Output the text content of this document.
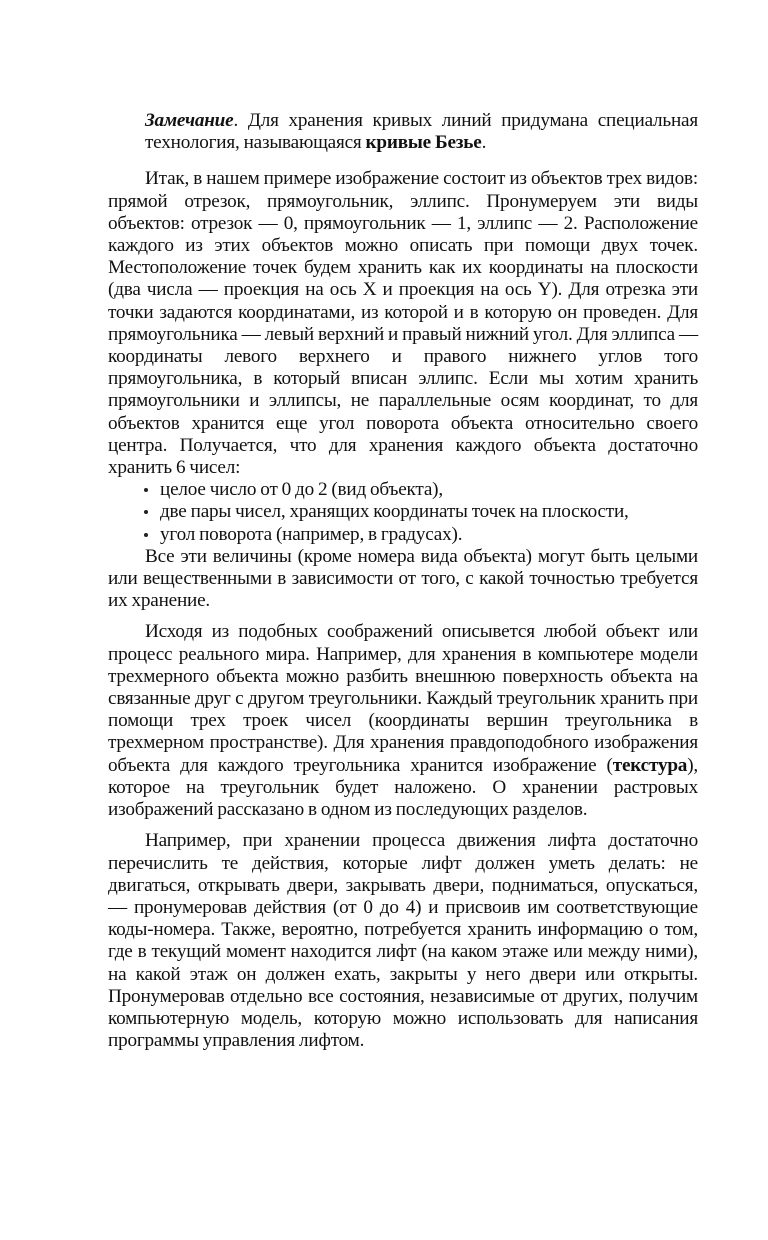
Замечание. Для хранения кривых линий придумана специальная технология, называющаяся кривые Безье.

Итак, в нашем примере изображение состоит из объектов трех видов: прямой отрезок, прямоугольник, эллипс. Пронумеруем эти виды объектов: отрезок — 0, прямоугольник — 1, эллипс — 2. Расположение каждого из этих объектов можно описать при помощи двух точек. Местоположение точек будем хранить как их координаты на плоскости (два числа — проекция на ось X и проекция на ось Y). Для отрезка эти точки задаются координатами, из которой и в которую он проведен. Для прямоугольника — левый верхний и правый нижний угол. Для эллипса — координаты левого верхнего и правого нижнего углов того прямоугольника, в который вписан эллипс. Если мы хотим хранить прямоугольники и эллипсы, не параллельные осям координат, то для объектов хранится еще угол поворота объекта относительно своего центра. Получается, что для хранения каждого объекта достаточно хранить 6 чисел:

целое число от 0 до 2 (вид объекта),
две пары чисел, хранящих координаты точек на плоскости,
угол поворота (например, в градусах).

Все эти величины (кроме номера вида объекта) могут быть целыми или вещественными в зависимости от того, с какой точностью требуется их хранение.

Исходя из подобных соображений описывется любой объект или процесс реального мира. Например, для хранения в компьютере модели трехмерного объекта можно разбить внешнюю поверхность объекта на связанные друг с другом треугольники. Каждый треугольник хранить при помощи трех троек чисел (координаты вершин треугольника в трехмерном пространстве). Для хранения правдоподобного изображения объекта для каждого треугольника хранится изображение (текстура), которое на треугольник будет наложено. О хранении растровых изображений рассказано в одном из последующих разделов.

Например, при хранении процесса движения лифта достаточно перечислить те действия, которые лифт должен уметь делать: не двигаться, открывать двери, закрывать двери, подниматься, опускаться, — пронумеровав действия (от 0 до 4) и присвоив им соответствующие коды-номера. Также, вероятно, потребуется хранить информацию о том, где в текущий момент находится лифт (на каком этаже или между ними), на какой этаж он должен ехать, закрыты у него двери или открыты. Пронумеровав отдельно все состояния, независимые от других, получим компьютерную модель, которую можно использовать для написания программы управления лифтом.
